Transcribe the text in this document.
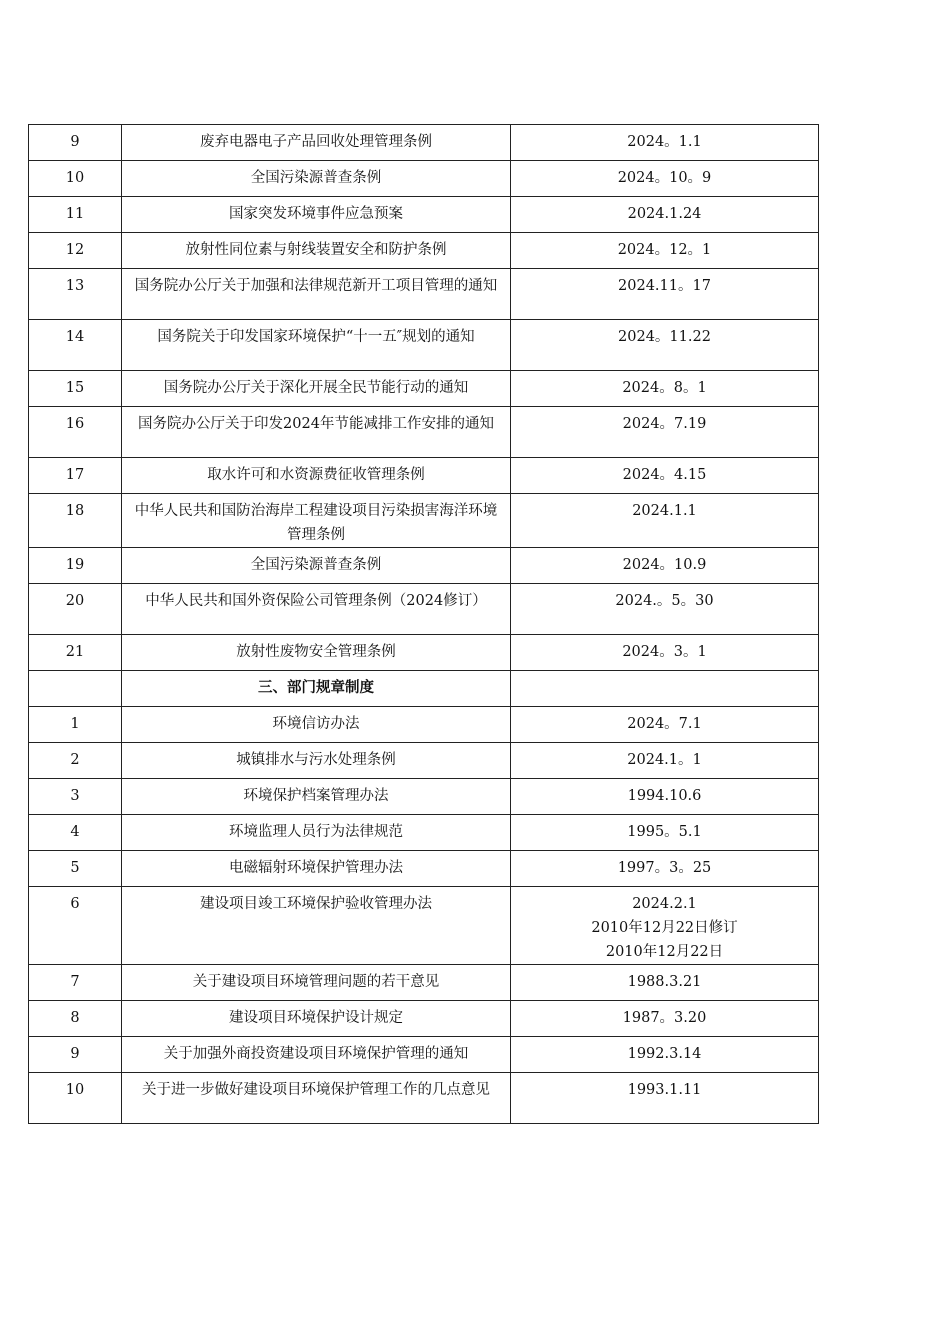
9	废弃电器电子产品回收处理管理条例	2024。1.1

10	全国污染源普查条例	2024。10。9

11	国家突发环境事件应急预案	2024.1.24

12	放射性同位素与射线装置安全和防护条例	2024。12。1

13	国务院办公厅关于加强和法律规范新开工项目管理的通知	2024.11。17

14	国务院关于印发国家环境保护“十一五″规划的通知	2024。11.22

15	国务院办公厅关于深化开展全民节能行动的通知	2024。8。1

16	国务院办公厅关于印发2024年节能减排工作安排的通知	2024。7.19

17	取水许可和水资源费征收管理条例	2024。4.15

18	中华人民共和国防治海岸工程建设项目污染损害海洋环境管理条例	2024.1.1

19	全国污染源普查条例	2024。10.9

20	中华人民共和国外资保险公司管理条例（2024修订）	2024.。5。30

21	放射性废物安全管理条例	2024。3。1

	三、部门规章制度	

1	环境信访办法	2024。7.1

2	城镇排水与污水处理条例	2024.1。1

3	环境保护档案管理办法	1994.10.6

4	环境监理人员行为法律规范	1995。5.1

5	电磁辐射环境保护管理办法	1997。3。25

6	建设项目竣工环境保护验收管理办法	2024.2.1
2010年12月22日修订
2010年12月22日

7	关于建设项目环境管理问题的若干意见	1988.3.21

8	建设项目环境保护设计规定	1987。3.20

9	关于加强外商投资建设项目环境保护管理的通知	1992.3.14

10	关于进一步做好建设项目环境保护管理工作的几点意见	1993.1.11
